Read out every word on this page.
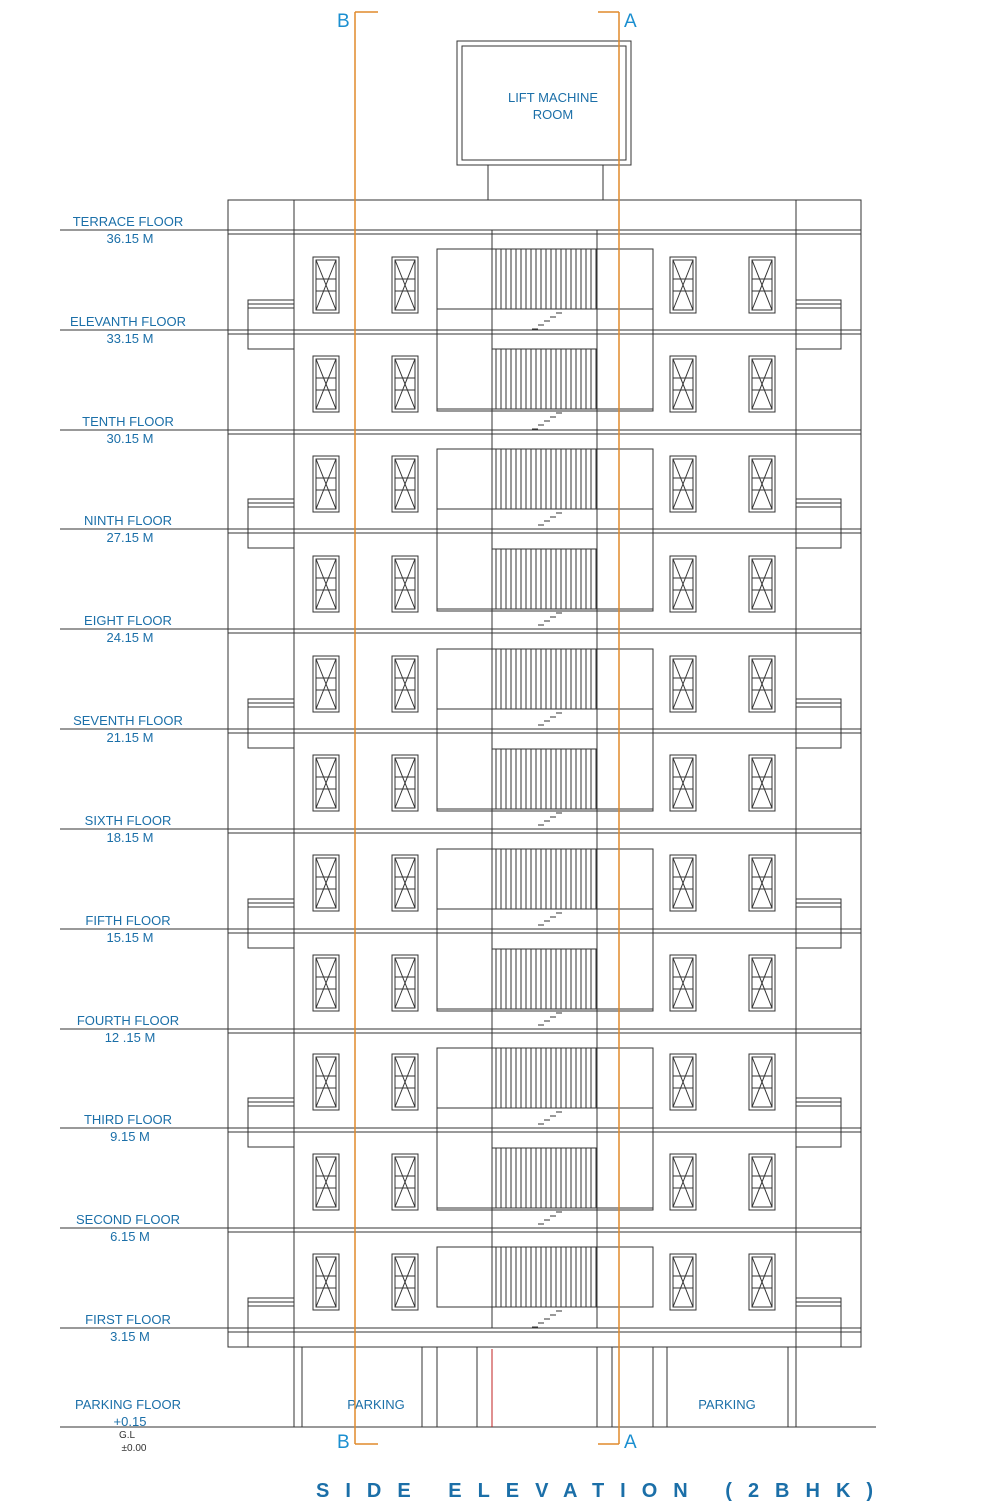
LIFT MACHINE
ROOM
PARKING	PARKING
B	A
B	A
TERRACE FLOOR
36.15 M
ELEVANTH FLOOR
33.15 M
TENTH FLOOR
30.15 M
NINTH FLOOR
27.15 M
EIGHT FLOOR
24.15 M
SEVENTH FLOOR
21.15 M
SIXTH FLOOR
18.15 M
FIFTH FLOOR
15.15 M
FOURTH FLOOR
12 .15 M
THIRD FLOOR
9.15 M
SECOND FLOOR
6.15 M
FIRST FLOOR
3.15 M
PARKING FLOOR
+0.15
G.L
±0.00
SIDE ELEVATION (2BHK)
